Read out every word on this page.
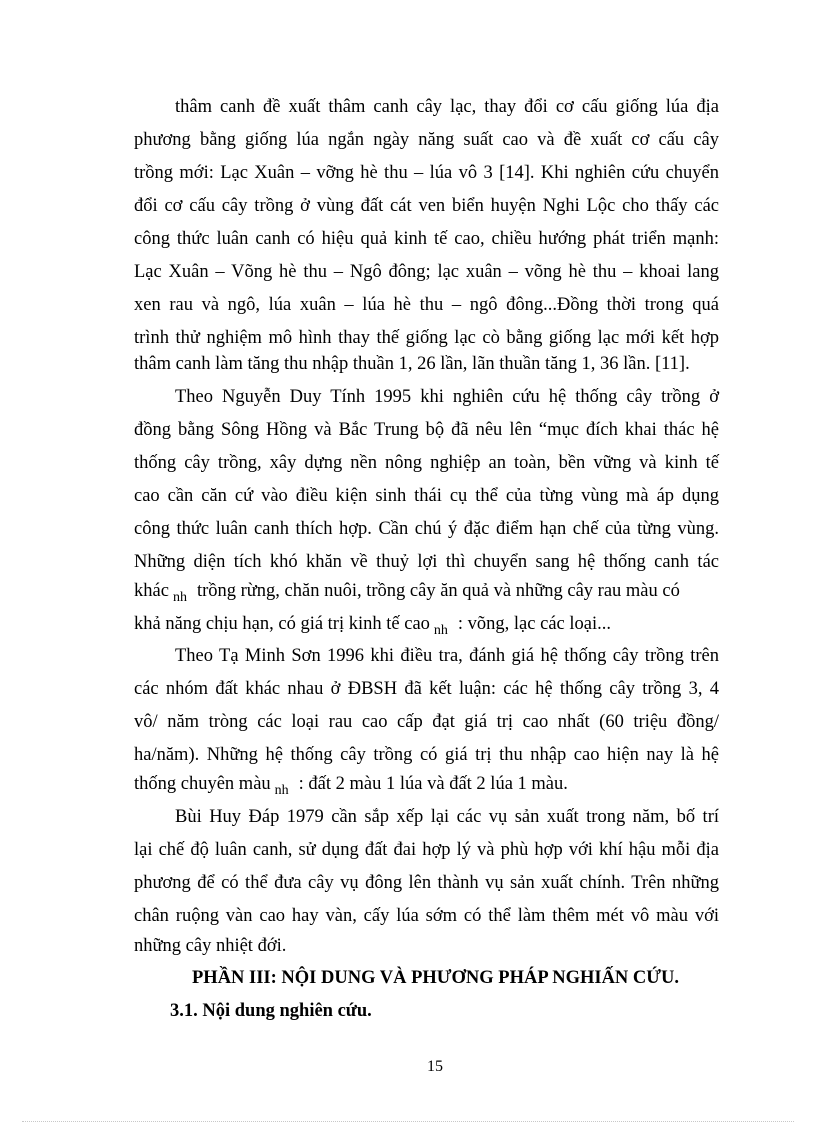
thâm canh đề xuất thâm canh cây lạc, thay đổi cơ cấu giống lúa địa
phương bằng giống lúa ngắn ngày năng suất cao và đề xuất cơ cấu cây
trồng mới: Lạc Xuân – vỡng hè thu – lúa vô 3 [14]. Khi nghiên cứu chuyển
đổi cơ cấu cây trồng ở vùng đất cát ven biển huyện Nghi Lộc cho thấy các
công thức luân canh có hiệu quả kinh tế cao, chiều hướng phát triển mạnh:
Lạc Xuân – Võng hè thu – Ngô đông; lạc xuân – võng hè thu – khoai lang
xen rau và ngô, lúa xuân – lúa hè thu – ngô đông...Đồng thời trong quá
trình thử nghiệm mô hình thay thế giống lạc cò bằng giống lạc mới kết hợp
thâm canh làm tăng thu nhập thuần 1, 26 lần, lãn thuần tăng 1, 36 lần. [11].
Theo Nguyễn Duy Tính 1995 khi nghiên cứu hệ thống cây trồng ở
đồng bằng Sông Hồng và Bắc Trung bộ đã nêu lên “mục đích khai thác hệ
thống cây trồng, xây dựng nền nông nghiệp an toàn, bền vững và kinh tế
cao cần căn cứ vào điều kiện sinh thái cụ thể của từng vùng mà áp dụng
công thức luân canh thích hợp. Cần chú ý đặc điểm hạn chế của từng vùng.
Những diện tích khó khăn về thuỷ lợi thì chuyển sang hệ thống canh tác
khác $_{nh}$ trồng rừng, chăn nuôi, trồng cây ăn quả và những cây rau màu có
khả năng chịu hạn, có giá trị kinh tế cao $_{nh}$ : võng, lạc các loại...
Theo Tạ Minh Sơn 1996 khi điều tra, đánh giá hệ thống cây trồng trên
các nhóm đất khác nhau ở ĐBSH đã kết luận: các hệ thống cây trồng 3, 4
vô/ năm tròng các loại rau cao cấp đạt giá trị cao nhất (60 triệu đồng/
ha/năm). Những hệ thống cây trồng có giá trị thu nhập cao hiện nay là hệ
thống chuyên màu $_{nh}$ : đất 2 màu 1 lúa và đất 2 lúa 1 màu.
Bùi Huy Đáp 1979 cần sắp xếp lại các vụ sản xuất trong năm, bố trí
lại chế độ luân canh, sử dụng đất đai hợp lý và phù hợp với khí hậu mỗi địa
phương để có thể đưa cây vụ đông lên thành vụ sản xuất chính. Trên những
chân ruộng vàn cao hay vàn, cấy lúa sớm có thể làm thêm mét vô màu với
những cây nhiệt đới.
PHẦN III: NỘI DUNG VÀ PHƯƠNG PHÁP NGHIẤN CỨU.
3.1. Nội dung nghiên cứu.
15
